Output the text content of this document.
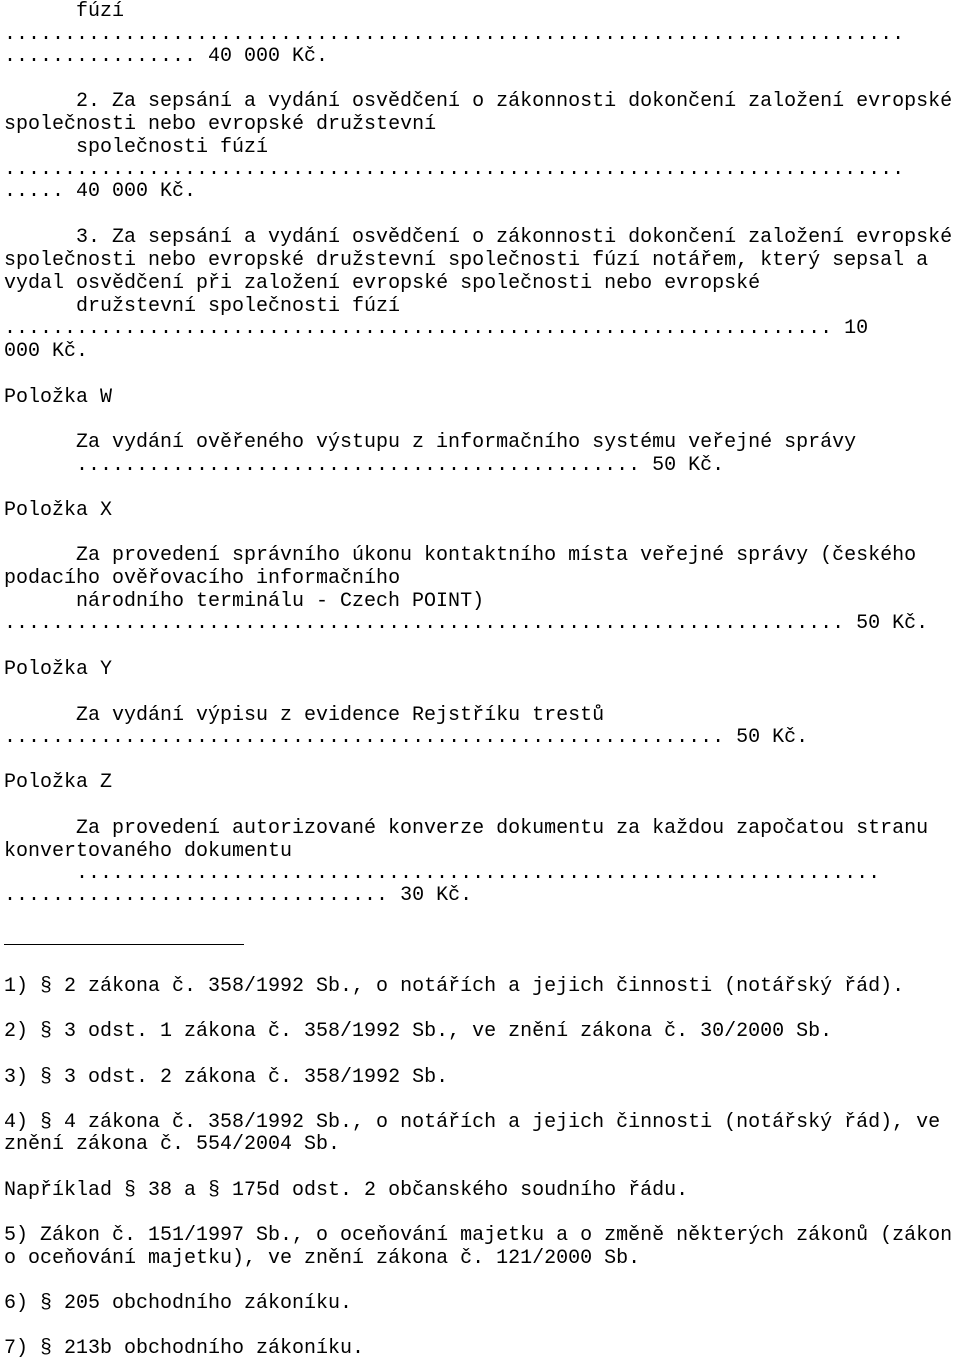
fúzí
...........................................................................
................ 40 000 Kč.
2. Za sepsání a vydání osvědčení o zákonnosti dokončení založení evropské
společnosti nebo evropské družstevní
společnosti fúzí
...........................................................................
..... 40 000 Kč.
3. Za sepsání a vydání osvědčení o zákonnosti dokončení založení evropské
společnosti nebo evropské družstevní společnosti fúzí notářem, který sepsal a
vydal osvědčení při založení evropské společnosti nebo evropské
družstevní společnosti fúzí
..................................................................... 10
000 Kč.
Položka W
Za vydání ověřeného výstupu z informačního systému veřejné správy
............................................... 50 Kč.
Položka X
Za provedení správního úkonu kontaktního místa veřejné správy (českého
podacího ověřovacího informačního
národního terminálu - Czech POINT)
...................................................................... 50 Kč.
Položka Y
Za vydání výpisu z evidence Rejstříku trestů
............................................................ 50 Kč.
Položka Z
Za provedení autorizované konverze dokumentu za každou započatou stranu
konvertovaného dokumentu
...................................................................
................................ 30 Kč.
1) § 2 zákona č. 358/1992 Sb., o notářích a jejich činnosti (notářský řád).
2) § 3 odst. 1 zákona č. 358/1992 Sb., ve znění zákona č. 30/2000 Sb.
3) § 3 odst. 2 zákona č. 358/1992 Sb.
4) § 4 zákona č. 358/1992 Sb., o notářích a jejich činnosti (notářský řád), ve
znění zákona č. 554/2004 Sb.
Například § 38 a § 175d odst. 2 občanského soudního řádu.
5) Zákon č. 151/1997 Sb., o oceňování majetku a o změně některých zákonů (zákon
o oceňování majetku), ve znění zákona č. 121/2000 Sb.
6) § 205 obchodního zákoníku.
7) § 213b obchodního zákoníku.
